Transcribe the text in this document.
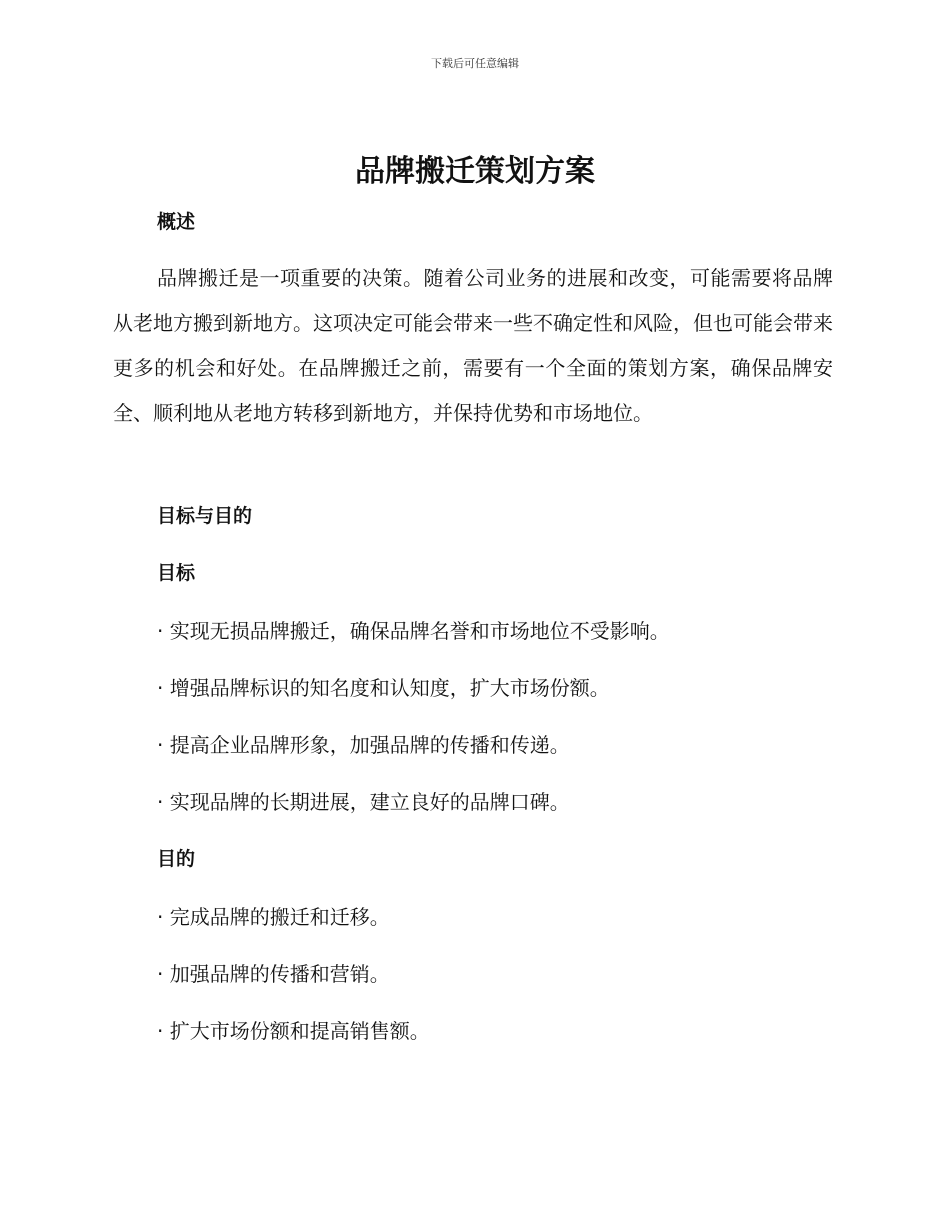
下载后可任意编辑
品牌搬迁策划方案
概述

品牌搬迁是一项重要的决策。随着公司业务的进展和改变，可能需要将品牌从老地方搬到新地方。这项决定可能会带来一些不确定性和风险，但也可能会带来更多的机会和好处。在品牌搬迁之前，需要有一个全面的策划方案，确保品牌安全、顺利地从老地方转移到新地方，并保持优势和市场地位。

目标与目的
目标

· 实现无损品牌搬迁，确保品牌名誉和市场地位不受影响。

· 增强品牌标识的知名度和认知度，扩大市场份额。

· 提高企业品牌形象，加强品牌的传播和传递。

· 实现品牌的长期进展，建立良好的品牌口碑。

目的

· 完成品牌的搬迁和迁移。

· 加强品牌的传播和营销。

· 扩大市场份额和提高销售额。
